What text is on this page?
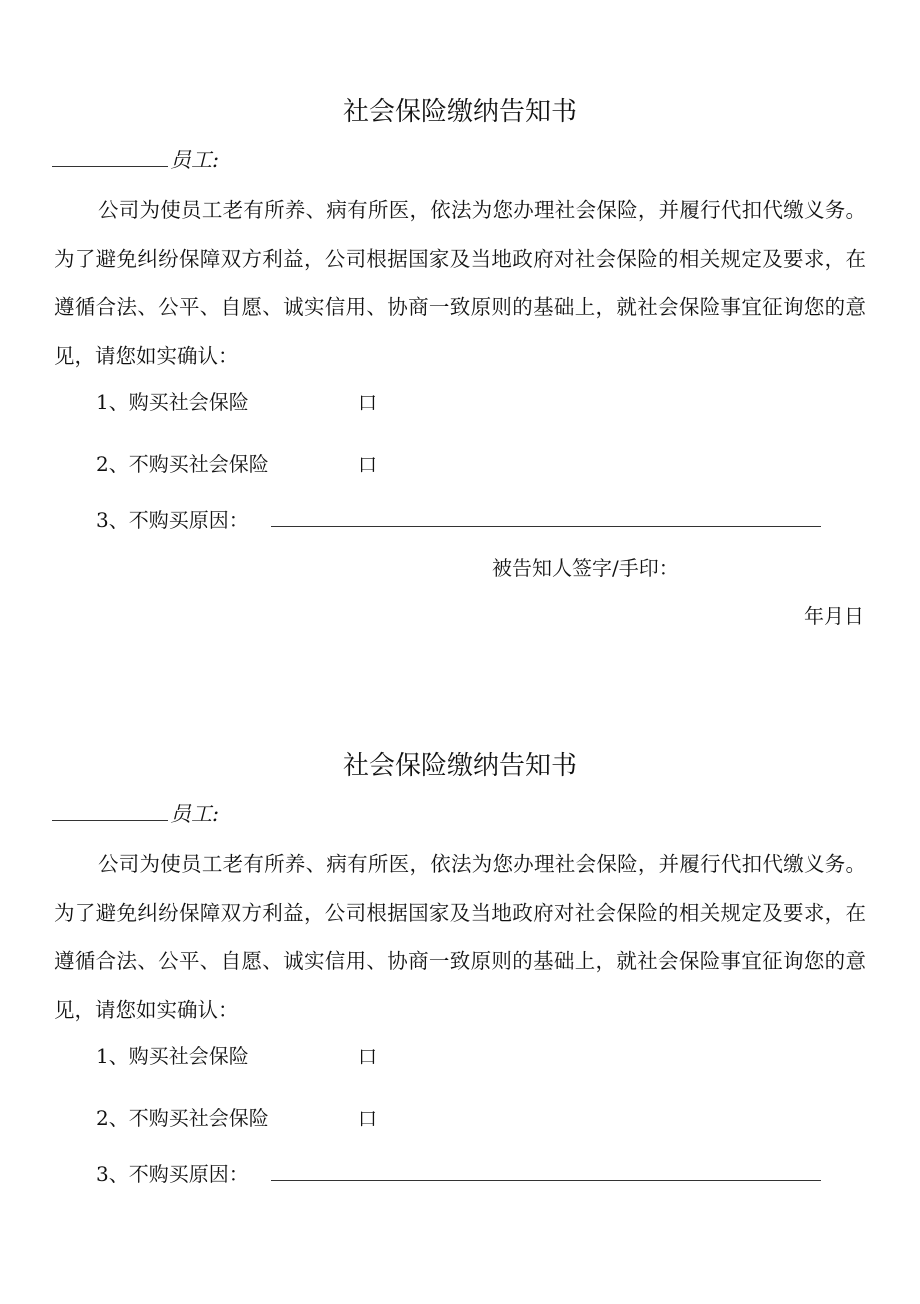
社会保险缴纳告知书
员工:

公司为使员工老有所养、病有所医，依法为您办理社会保险，并履行代扣代缴义务。为了避免纠纷保障双方利益，公司根据国家及当地政府对社会保险的相关规定及要求，在遵循合法、公平、自愿、诚实信用、协商一致原则的基础上，就社会保险事宜征询您的意见，请您如实确认：

1、购买社会保险	口
2、不购买社会保险	口
3、不购买原因：
被告知人签字/手印：
年月日
社会保险缴纳告知书
员工:

公司为使员工老有所养、病有所医，依法为您办理社会保险，并履行代扣代缴义务。为了避免纠纷保障双方利益，公司根据国家及当地政府对社会保险的相关规定及要求，在遵循合法、公平、自愿、诚实信用、协商一致原则的基础上，就社会保险事宜征询您的意见，请您如实确认：

1、购买社会保险	口
2、不购买社会保险	口
3、不购买原因：
